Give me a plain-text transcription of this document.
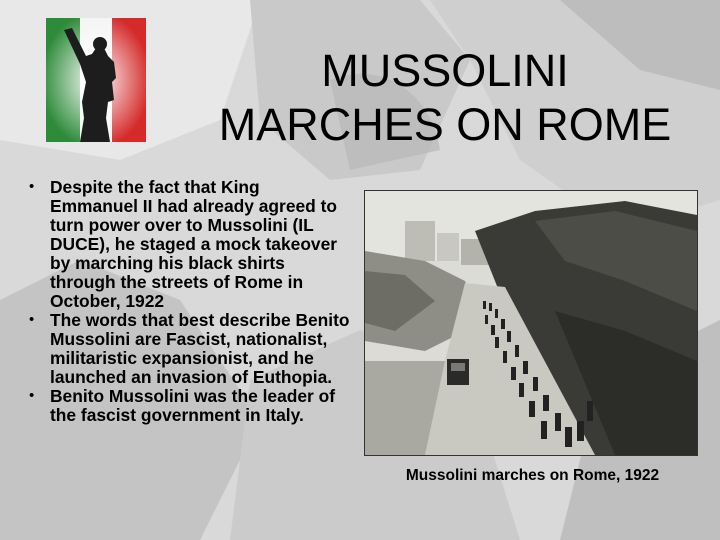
MUSSOLINI
MARCHES ON ROME
• Despite the fact that King Emmanuel II had already agreed to turn power over to Mussolini (IL DUCE), he staged a mock takeover by marching his black shirts through the streets of Rome in October, 1922
• The words that best describe Benito Mussolini are Fascist, nationalist, militaristic expansionist, and he launched an invasion of Euthopia.
• Benito Mussolini was the leader of the fascist government in Italy.
Mussolini marches on Rome, 1922
